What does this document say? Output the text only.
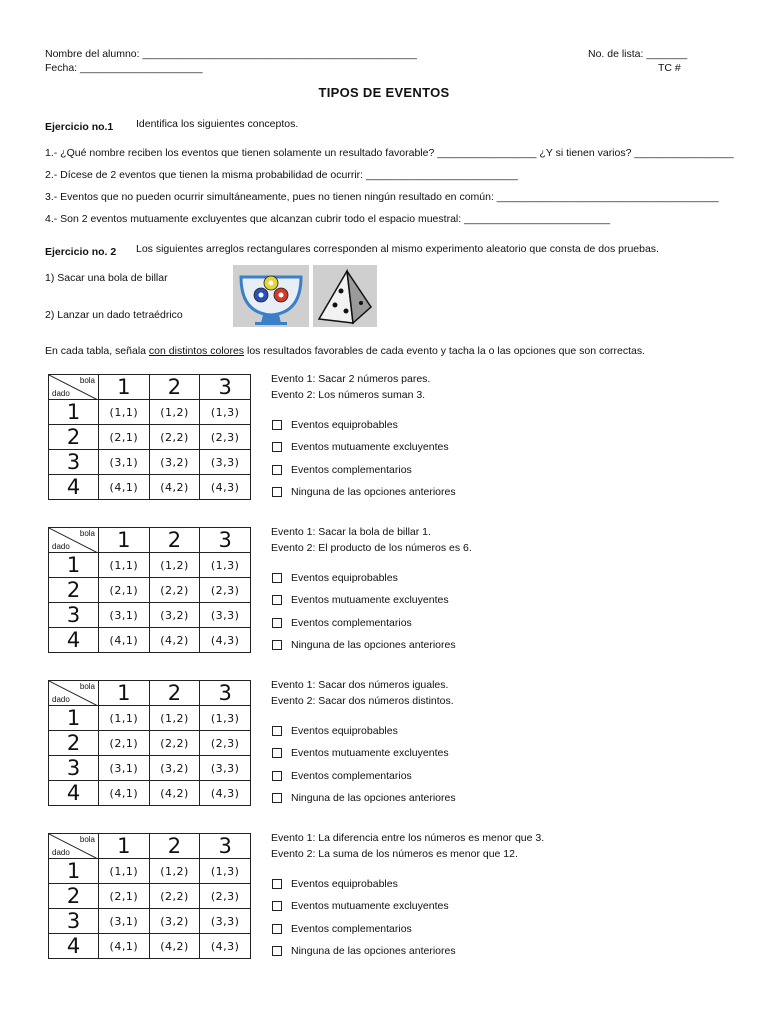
Nombre del alumno: _______________________________________________
Fecha: _____________________
No. de lista: _______
TC #
TIPOS DE EVENTOS
Ejercicio no.1 Identifica los siguientes conceptos.
1.- ¿Qué nombre reciben los eventos que tienen solamente un resultado favorable? _________________ ¿Y si tienen varios? _________________
2.- Dícese de 2 eventos que tienen la misma probabilidad de ocurrir: __________________________
3.- Eventos que no pueden ocurrir simultáneamente, pues no tienen ningún resultado en común: ______________________________________
4.- Son 2 eventos mutuamente excluyentes que alcanzan cubrir todo el espacio muestral: _________________________
Ejercicio no. 2 Los siguientes arreglos rectangulares corresponden al mismo experimento aleatorio que consta de dos pruebas.
1) Sacar una bola de billar
2) Lanzar un dado tetraédrico
En cada tabla, señala con distintos colores los resultados favorables de cada evento y tacha la o las opciones que son correctas.
bola
dado	1	2	3
1	(1,1)	(1,2)	(1,3)
2	(2,1)	(2,2)	(2,3)
3	(3,1)	(3,2)	(3,3)
4	(4,1)	(4,2)	(4,3)
Evento 1: Sacar 2 números pares.
Evento 2: Los números suman 3.
Eventos equiprobables
Eventos mutuamente excluyentes
Eventos complementarios
Ninguna de las opciones anteriores
bola
dado	1	2	3
1	(1,1)	(1,2)	(1,3)
2	(2,1)	(2,2)	(2,3)
3	(3,1)	(3,2)	(3,3)
4	(4,1)	(4,2)	(4,3)
Evento 1: Sacar la bola de billar 1.
Evento 2: El producto de los números es 6.
Eventos equiprobables
Eventos mutuamente excluyentes
Eventos complementarios
Ninguna de las opciones anteriores
bola
dado	1	2	3
1	(1,1)	(1,2)	(1,3)
2	(2,1)	(2,2)	(2,3)
3	(3,1)	(3,2)	(3,3)
4	(4,1)	(4,2)	(4,3)
Evento 1: Sacar dos números iguales.
Evento 2: Sacar dos números distintos.
Eventos equiprobables
Eventos mutuamente excluyentes
Eventos complementarios
Ninguna de las opciones anteriores
bola
dado	1	2	3
1	(1,1)	(1,2)	(1,3)
2	(2,1)	(2,2)	(2,3)
3	(3,1)	(3,2)	(3,3)
4	(4,1)	(4,2)	(4,3)
Evento 1: La diferencia entre los números es menor que 3.
Evento 2: La suma de los números es menor que 12.
Eventos equiprobables
Eventos mutuamente excluyentes
Eventos complementarios
Ninguna de las opciones anteriores
